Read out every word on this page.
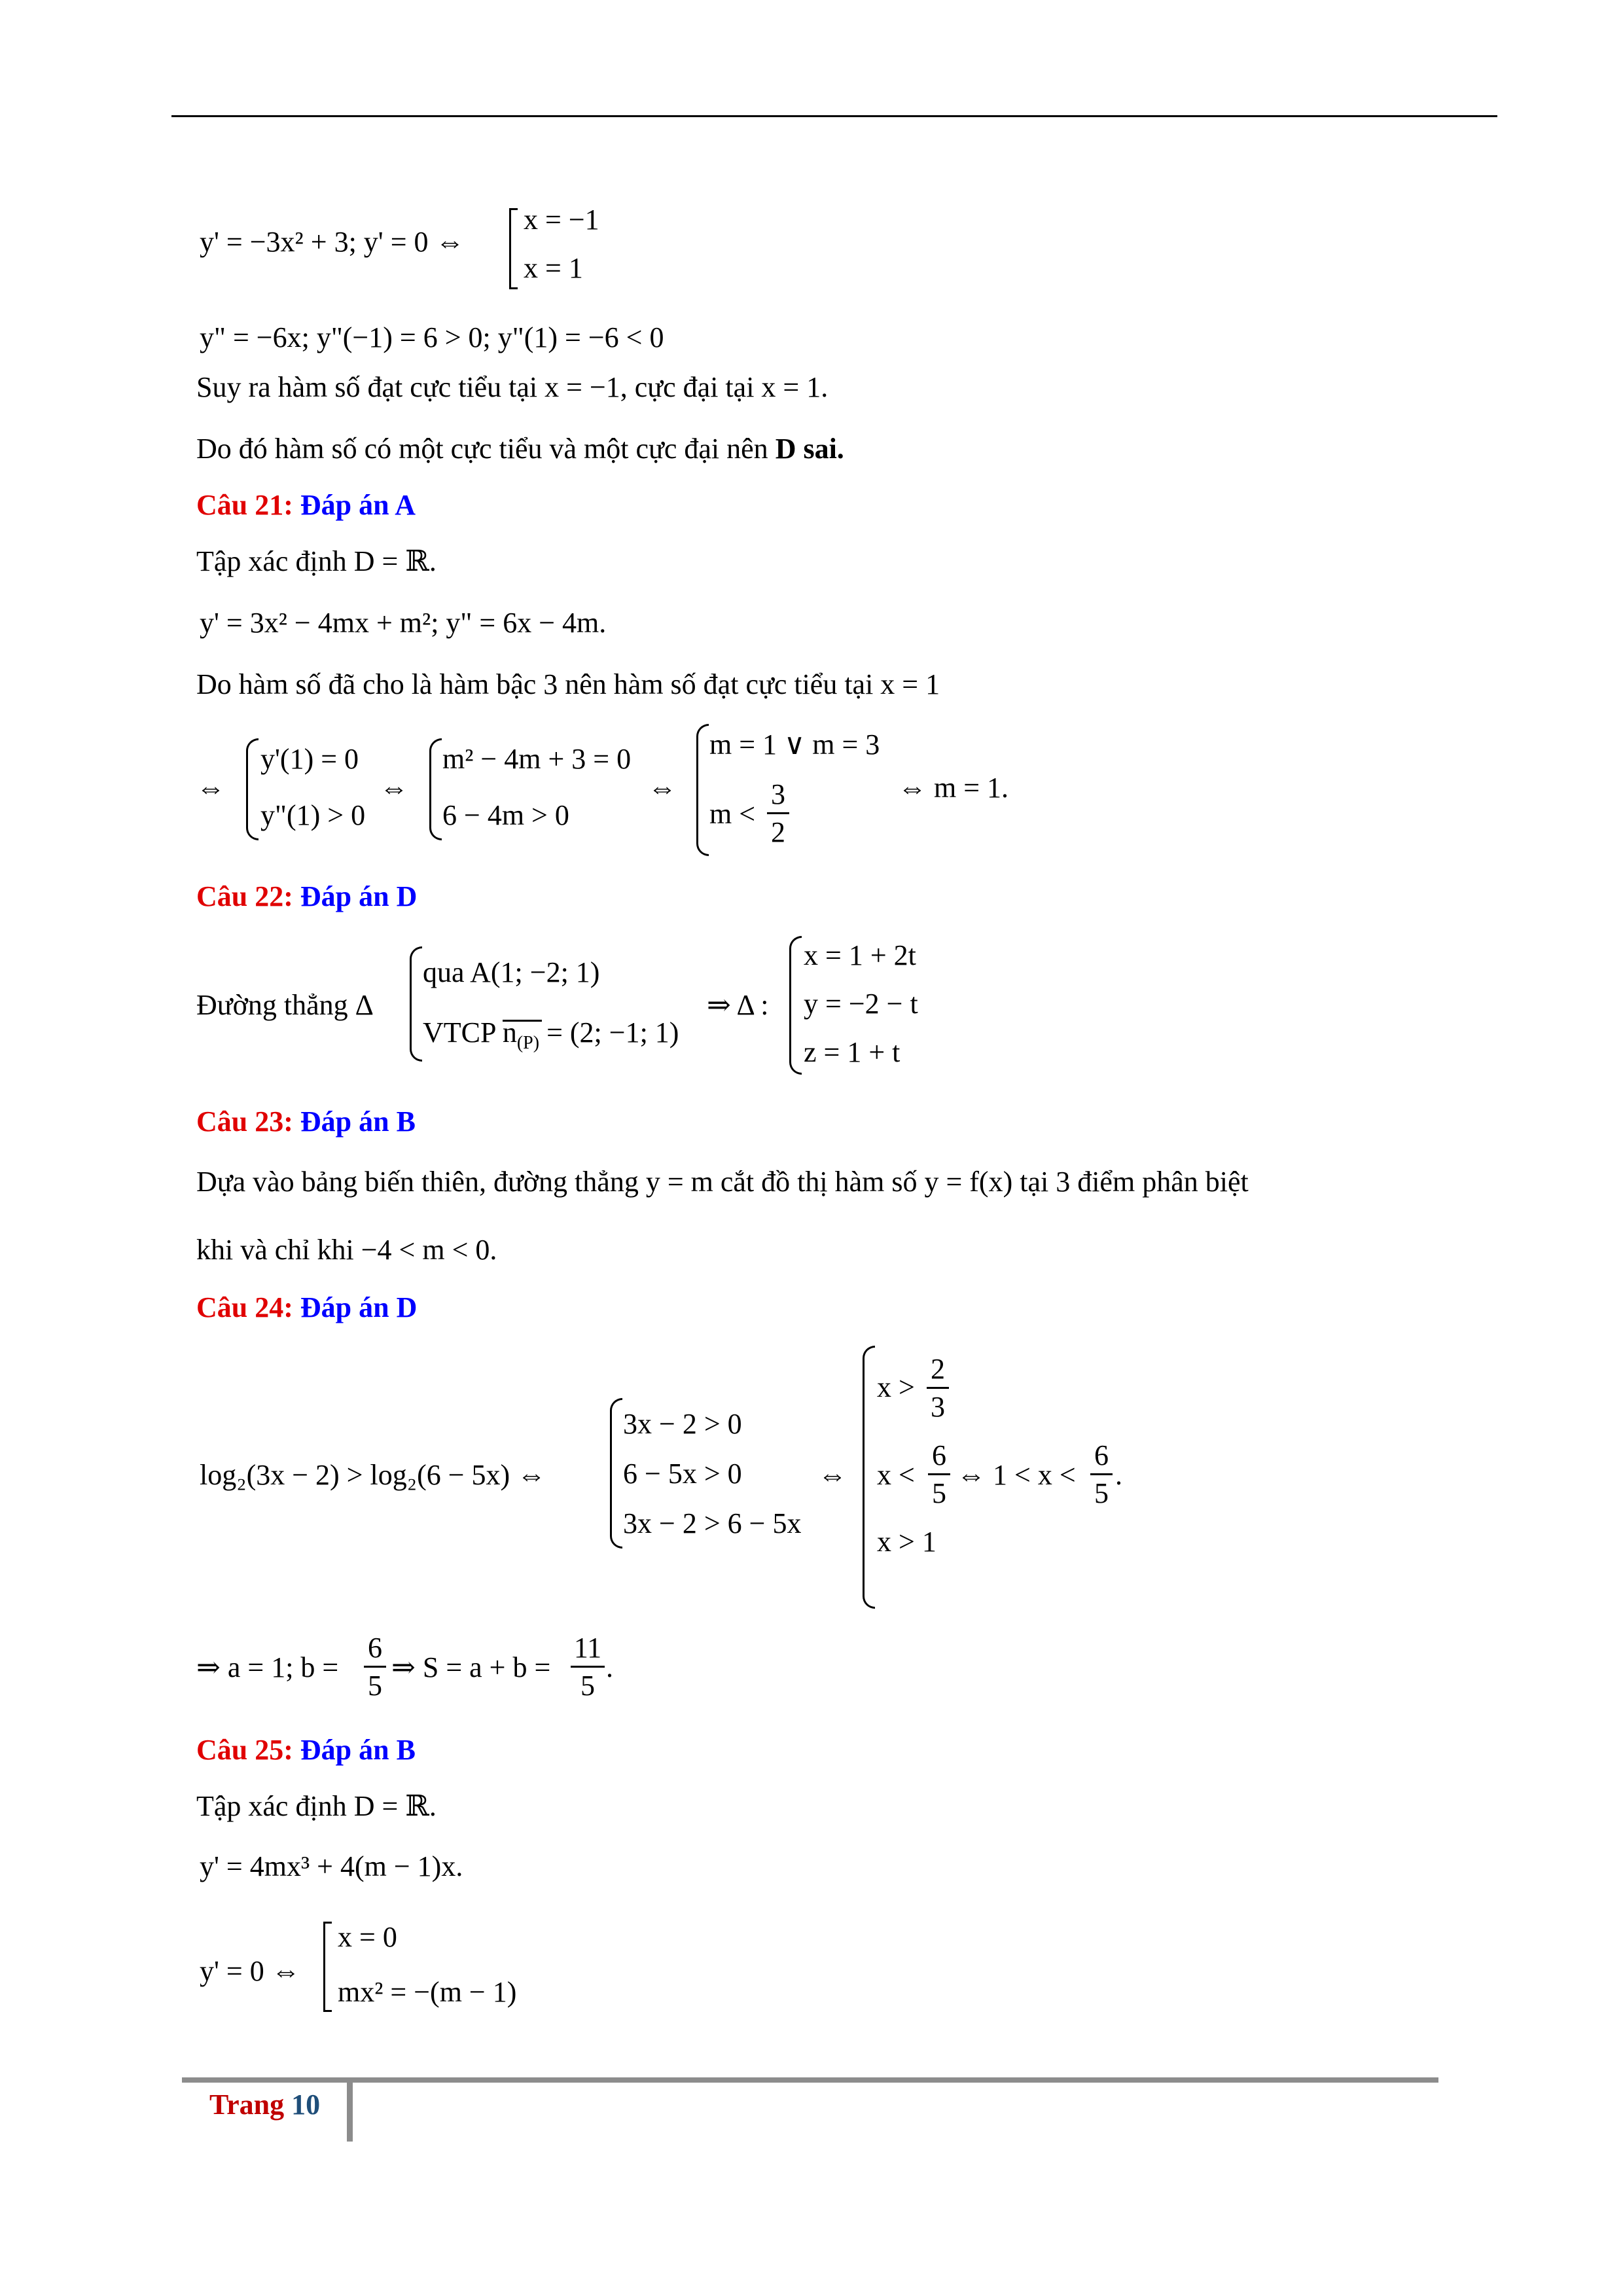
y' = −3x² + 3; y' = 0 ⇔
x = −1
x = 1
y" = −6x; y"(−1) = 6 > 0; y"(1) = −6 < 0
Suy ra hàm số đạt cực tiểu tại x = −1, cực đại tại x = 1.
Do đó hàm số có một cực tiểu và một cực đại nên D sai.
Câu 21: Đáp án A
Tập xác định D = ℝ.
y' = 3x² − 4mx + m²; y" = 6x − 4m.
Do hàm số đã cho là hàm bậc 3 nên hàm số đạt cực tiểu tại x = 1
⇔
y'(1) = 0
y"(1) > 0
⇔
m² − 4m + 3 = 0
6 − 4m > 0
⇔
m = 1 ∨ m = 3
m <
3
2
⇔ m = 1.
Câu 22: Đáp án D
Đường thẳng Δ
qua A(1; −2; 1)
VTCP
$n_{(P)} = (2$; −1; 1)
⇒ Δ :
x = 1 + 2t
y = −2 − t
z = 1 + t
Câu 23: Đáp án B
Dựa vào bảng biến thiên, đường thẳng y = m cắt đồ thị hàm số y = f(x) tại 3 điểm phân biệt
khi và chỉ khi −4 < m < 0.
Câu 24: Đáp án D
log₂(3x − 2) > log₂(6 − 5x) ⇔
3x − 2 > 0
6 − 5x > 0
3x − 2 > 6 − 5x
⇔
x >
2
3
x <
6
5
⇔ 1 < x <
6
5
.
x > 1
⇒ a = 1; b =
6
5
⇒ S = a + b =
11
5
.
Câu 25: Đáp án B
Tập xác định D = ℝ.
y' = 4mx³ + 4(m − 1)x.
y' = 0 ⇔
x = 0
mx² = −(m − 1)
Trang 10
